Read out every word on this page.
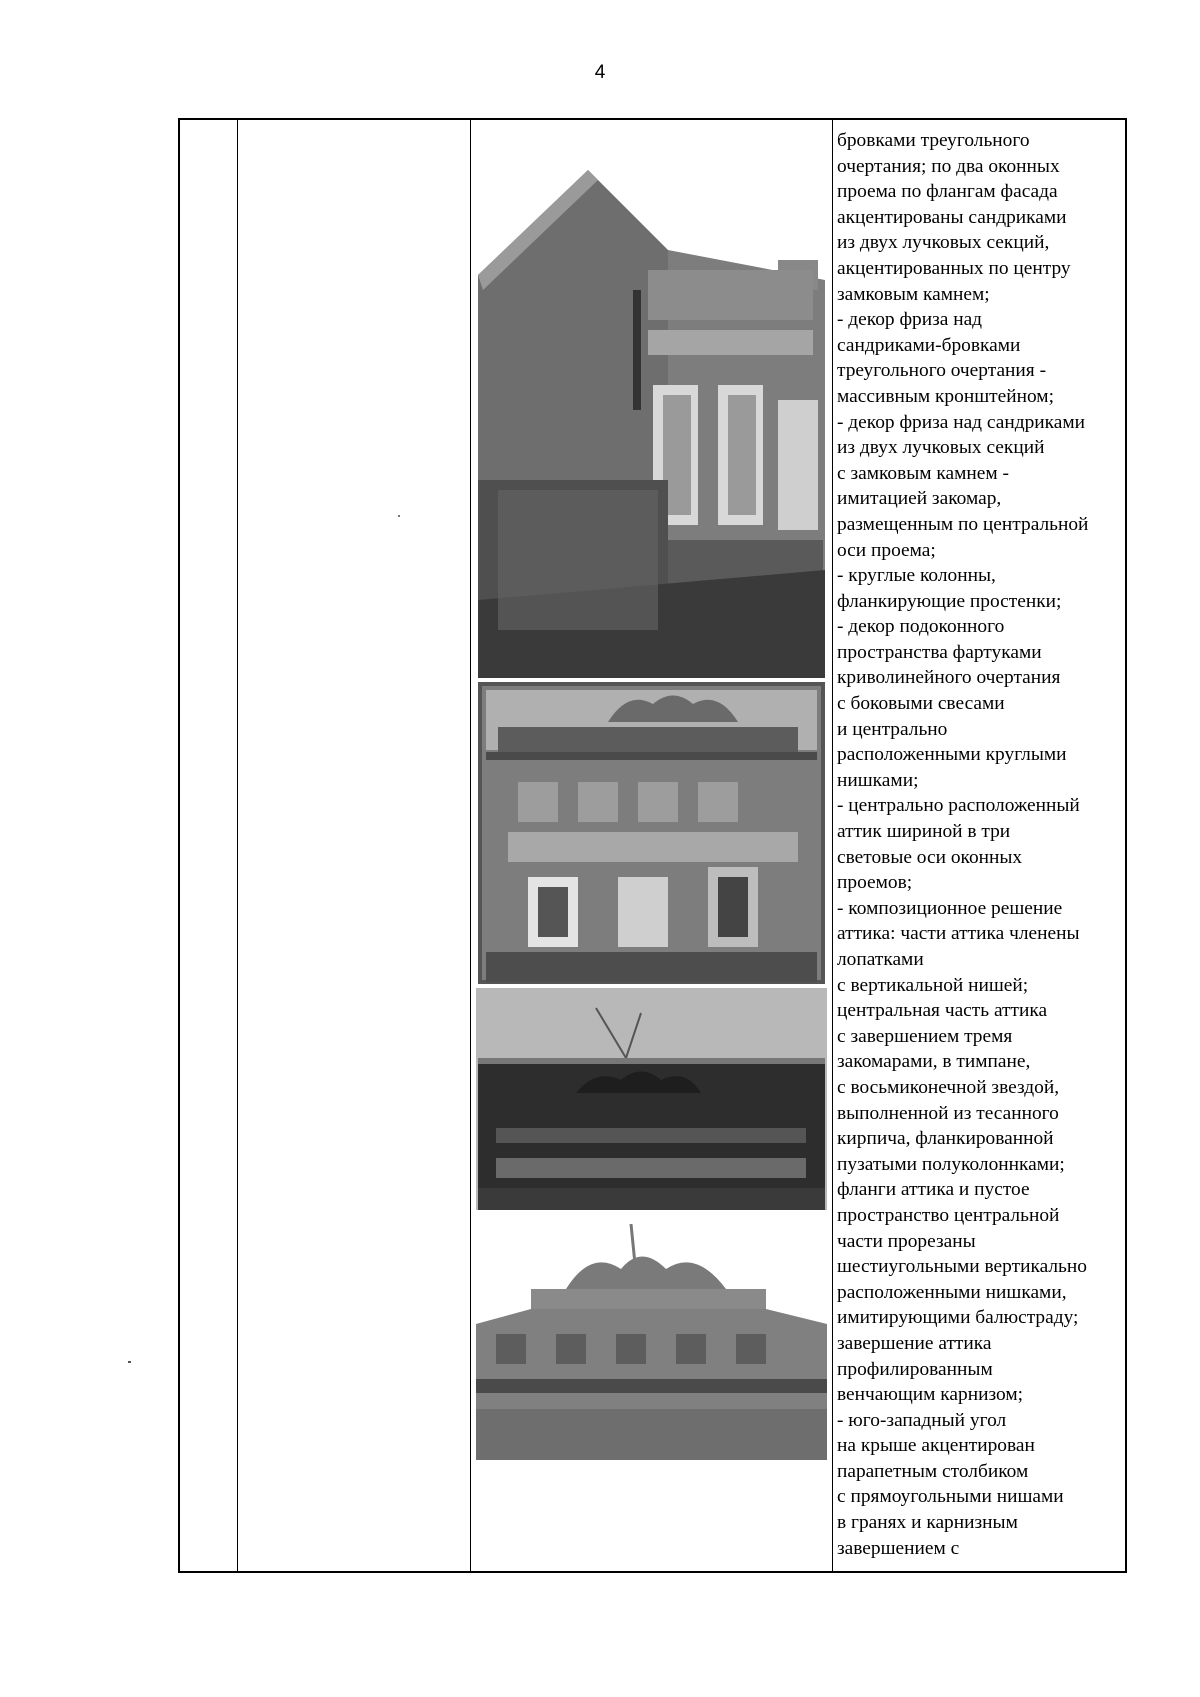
4
бровками треугольного
очертания; по два оконных
проема по флангам фасада
акцентированы сандриками
из двух лучковых секций,
акцентированных по центру
замковым камнем;
- декор фриза над
сандриками-бровками
треугольного очертания -
массивным кронштейном;
- декор фриза над сандриками
из двух лучковых секций
с замковым камнем -
имитацией закомар,
размещенным по центральной
оси проема;
- круглые колонны,
фланкирующие простенки;
- декор подоконного
пространства фартуками
криволинейного очертания
с боковыми свесами
и центрально
расположенными круглыми
нишками;
- центрально расположенный
аттик шириной в три
световые оси оконных
проемов;
- композиционное решение
аттика: части аттика членены
лопатками
с вертикальной нишей;
центральная часть аттика
с завершением тремя
закомарами, в тимпане,
с восьмиконечной звездой,
выполненной из тесанного
кирпича, фланкированной
пузатыми полуколоннками;
фланги аттика и пустое
пространство центральной
части прорезаны
шестиугольными вертикально
расположенными нишками,
имитирующими балюстраду;
завершение аттика
профилированным
венчающим карнизом;
- юго-западный угол
на крыше акцентирован
парапетным столбиком
с прямоугольными нишами
в гранях и карнизным
завершением с
